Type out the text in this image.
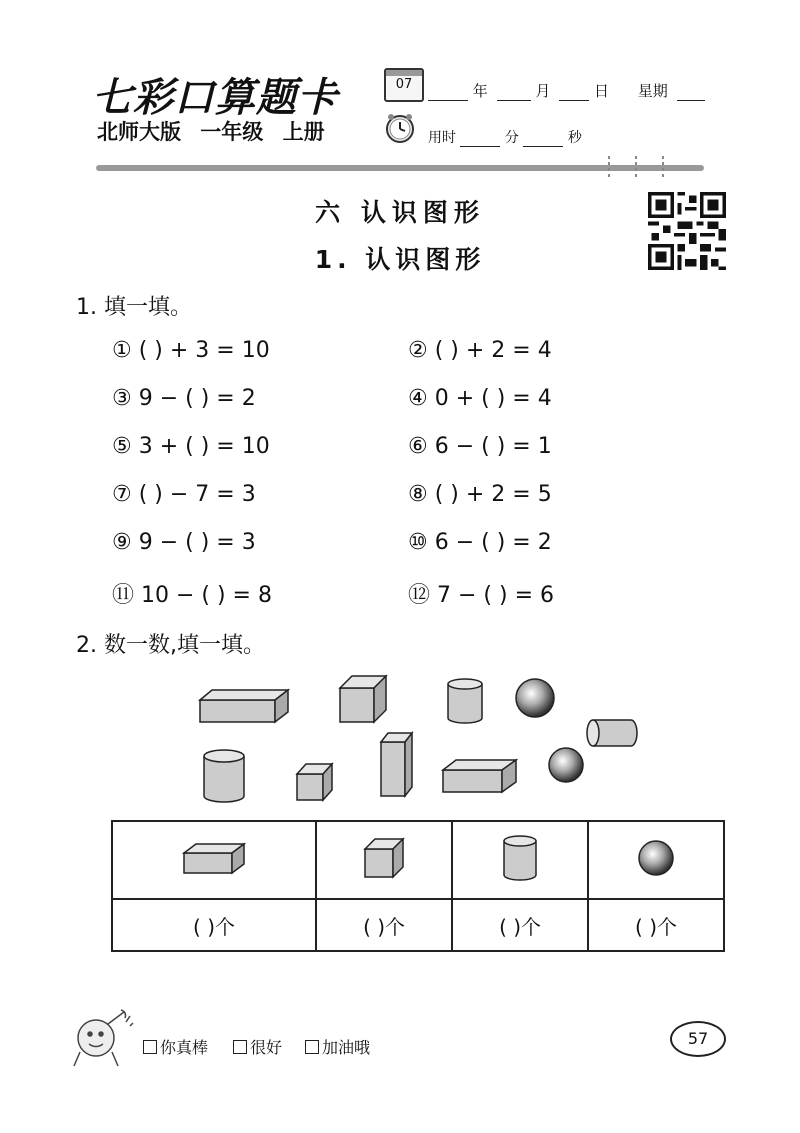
七彩口算题卡
北师大版 一年级 上册
07	年	月	日 星期
用时	分	秒
六 认识图形
1. 认识图形
1. 填一填。
① ( ) + 3 = 10	② ( ) + 2 = 4
③ 9 − ( ) = 2	④ 0 + ( ) = 4
⑤ 3 + ( ) = 10	⑥ 6 − ( ) = 1
⑦ ( ) − 7 = 3	⑧ ( ) + 2 = 5
⑨ 9 − ( ) = 3	⑩ 6 − ( ) = 2
⑪ 10 − ( ) = 8	⑫ 7 − ( ) = 6
2. 数一数,填一填。

( )个	( )个	( )个	( )个
你真棒	很好	加油哦	57
